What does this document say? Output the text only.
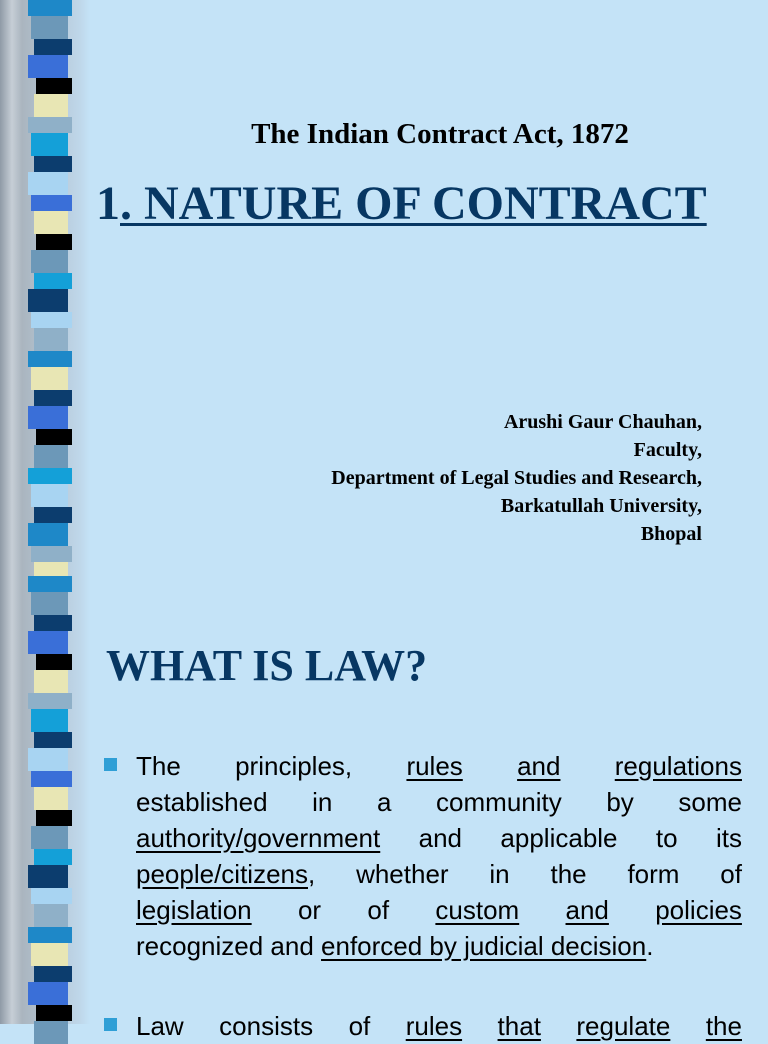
The Indian Contract Act, 1872
1. NATURE OF CONTRACT
Arushi Gaur Chauhan,
Faculty,
Department of Legal Studies and Research,
Barkatullah University,
Bhopal
WHAT IS LAW?
The principles, rules and regulations
established in a community by some
authority/government and applicable to its
people/citizens, whether in the form of
legislation or of custom and policies
recognized and enforced by judicial decision .
Law consists of rules that regulate the
